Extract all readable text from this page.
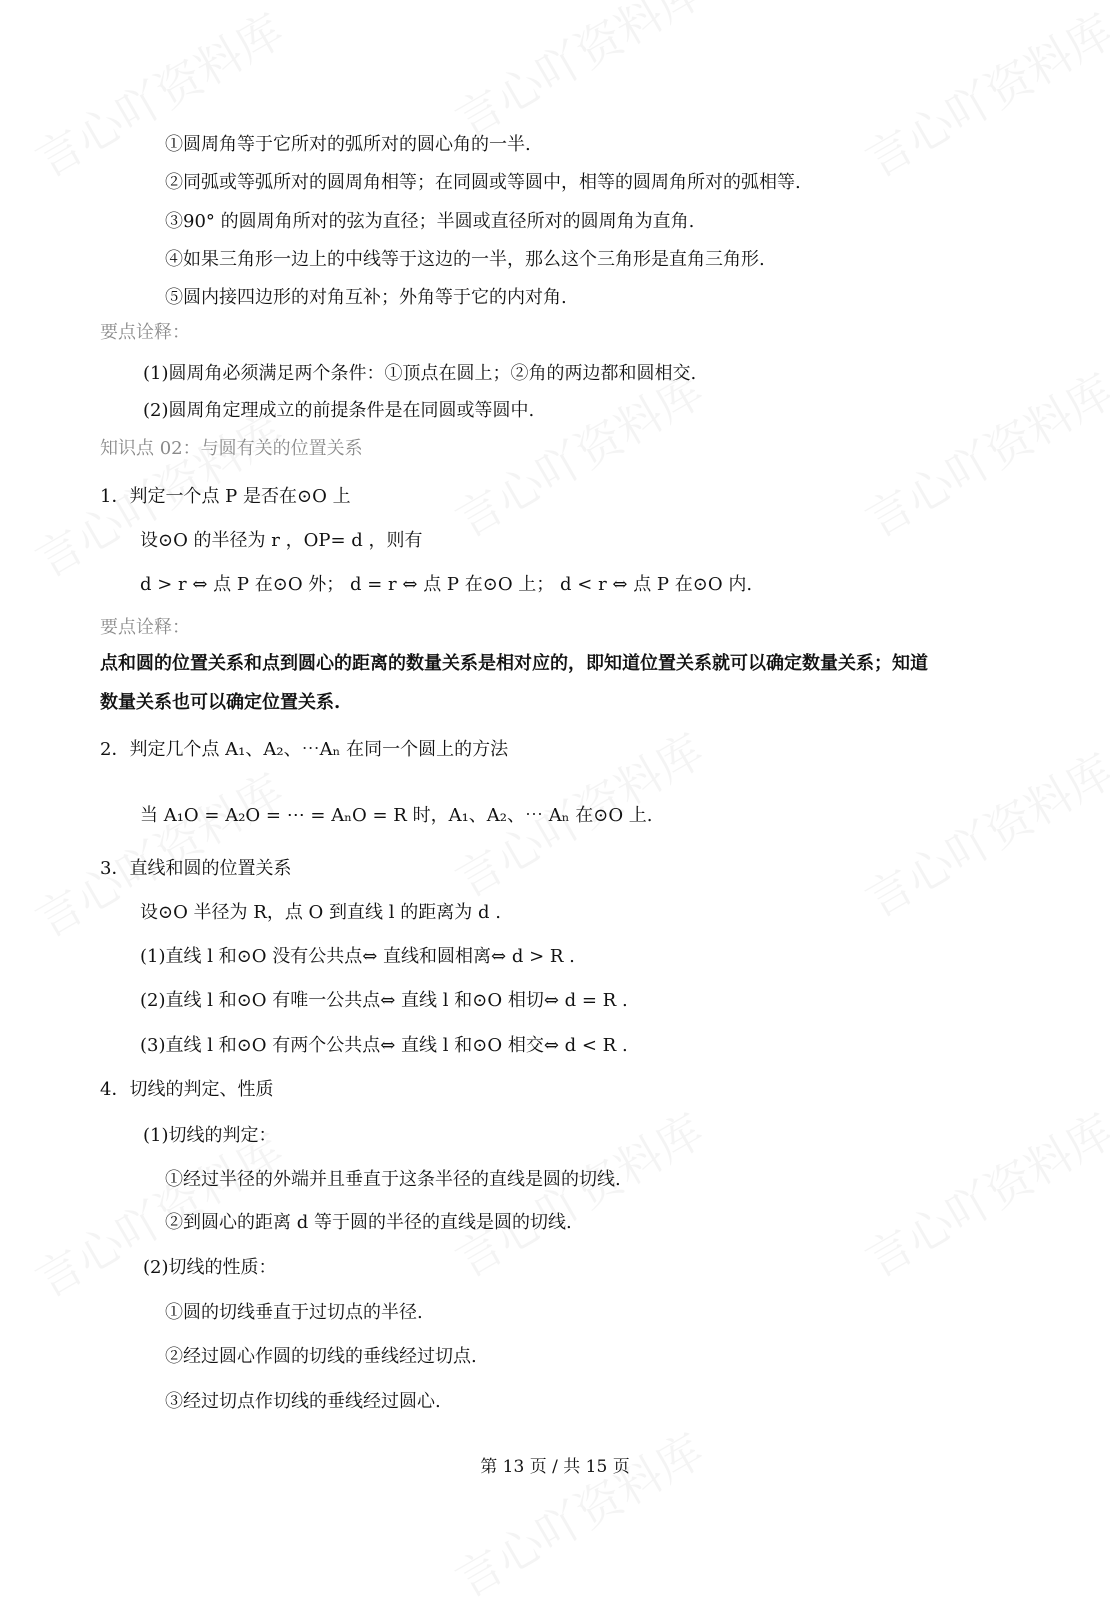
①圆周角等于它所对的弧所对的圆心角的一半.
②同弧或等弧所对的圆周角相等；在同圆或等圆中，相等的圆周角所对的弧相等.
③90° 的圆周角所对的弦为直径；半圆或直径所对的圆周角为直角.
④如果三角形一边上的中线等于这边的一半，那么这个三角形是直角三角形.
⑤圆内接四边形的对角互补；外角等于它的内对角.
要点诠释：
(1)圆周角必须满足两个条件：①顶点在圆上；②角的两边都和圆相交.
(2)圆周角定理成立的前提条件是在同圆或等圆中.
知识点 02：与圆有关的位置关系
1．判定一个点 P 是否在⊙O 上
设⊙O 的半径为 r ，OP= d ，则有
d > r ⇔ 点 P 在⊙O 外； d = r ⇔ 点 P 在⊙O 上； d < r ⇔ 点 P 在⊙O 内.
要点诠释：
点和圆的位置关系和点到圆心的距离的数量关系是相对应的，即知道位置关系就可以确定数量关系；知道
数量关系也可以确定位置关系.
2．判定几个点 A₁、A₂、⋯Aₙ 在同一个圆上的方法
当 A₁O = A₂O = ⋯ = AₙO = R 时，A₁、A₂、⋯ Aₙ 在⊙O 上.
3．直线和圆的位置关系
设⊙O 半径为 R，点 O 到直线 l 的距离为 d .
(1)直线 l 和⊙O 没有公共点⇔ 直线和圆相离⇔ d > R .
(2)直线 l 和⊙O 有唯一公共点⇔ 直线 l 和⊙O 相切⇔ d = R .
(3)直线 l 和⊙O 有两个公共点⇔ 直线 l 和⊙O 相交⇔ d < R .
4．切线的判定、性质
(1)切线的判定：
①经过半径的外端并且垂直于这条半径的直线是圆的切线.
②到圆心的距离 d 等于圆的半径的直线是圆的切线.
(2)切线的性质：
①圆的切线垂直于过切点的半径.
②经过圆心作圆的切线的垂线经过切点.
③经过切点作切线的垂线经过圆心.
第 13 页 / 共 15 页
